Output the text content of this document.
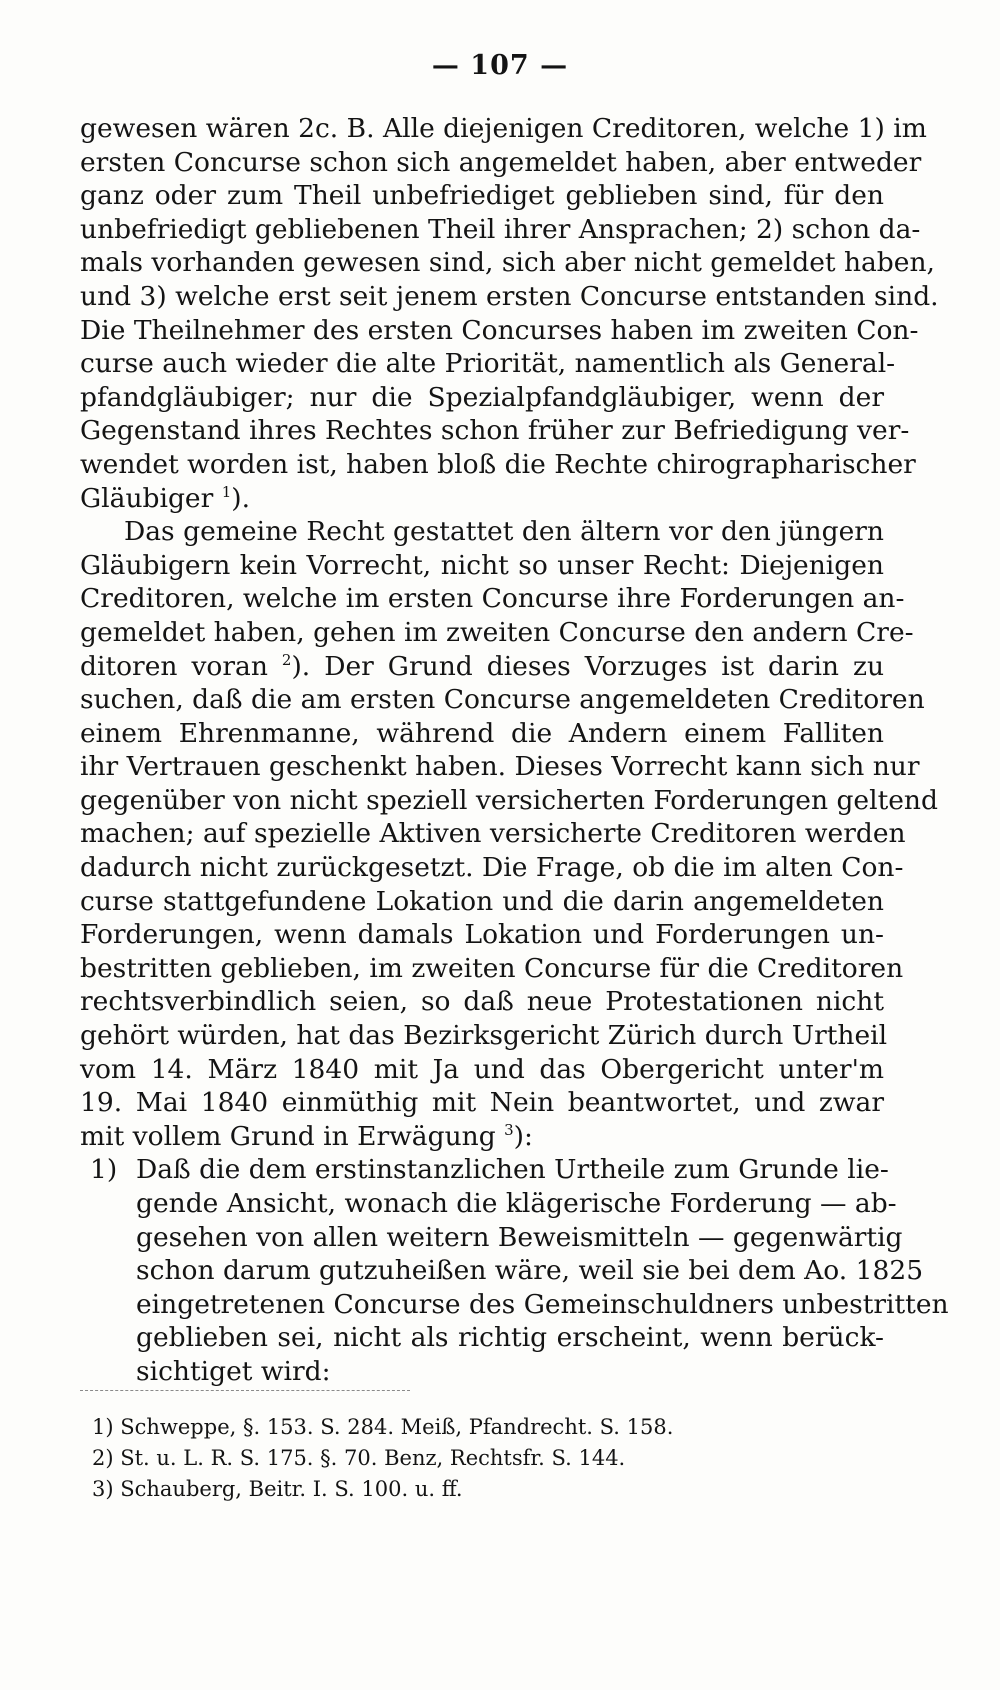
— 107 —
gewesen wären 2c. B. Alle diejenigen Creditoren, welche 1) im
ersten Concurse schon sich angemeldet haben, aber entweder
ganz oder zum Theil unbefriediget geblieben sind, für den
unbefriedigt gebliebenen Theil ihrer Ansprachen; 2) schon da-
mals vorhanden gewesen sind, sich aber nicht gemeldet haben,
und 3) welche erst seit jenem ersten Concurse entstanden sind.
Die Theilnehmer des ersten Concurses haben im zweiten Con-
curse auch wieder die alte Priorität, namentlich als General-
pfandgläubiger; nur die Spezialpfandgläubiger, wenn der
Gegenstand ihres Rechtes schon früher zur Befriedigung ver-
wendet worden ist, haben bloß die Rechte chirographarischer
Gläubiger $^1$).
Das gemeine Recht gestattet den ältern vor den jüngern
Gläubigern kein Vorrecht, nicht so unser Recht: Diejenigen
Creditoren, welche im ersten Concurse ihre Forderungen an-
gemeldet haben, gehen im zweiten Concurse den andern Cre-
ditoren voran $^2$). Der Grund dieses Vorzuges ist darin zu
suchen, daß die am ersten Concurse angemeldeten Creditoren
einem Ehrenmanne, während die Andern einem Falliten
ihr Vertrauen geschenkt haben. Dieses Vorrecht kann sich nur
gegenüber von nicht speziell versicherten Forderungen geltend
machen; auf spezielle Aktiven versicherte Creditoren werden
dadurch nicht zurückgesetzt. Die Frage, ob die im alten Con-
curse stattgefundene Lokation und die darin angemeldeten
Forderungen, wenn damals Lokation und Forderungen un-
bestritten geblieben, im zweiten Concurse für die Creditoren
rechtsverbindlich seien, so daß neue Protestationen nicht
gehört würden, hat das Bezirksgericht Zürich durch Urtheil
vom 14. März 1840 mit Ja und das Obergericht unter'm
19. Mai 1840 einmüthig mit Nein beantwortet, und zwar
mit vollem Grund in Erwägung $^3$):
1) Daß die dem erstinstanzlichen Urtheile zum Grunde lie-
gende Ansicht, wonach die klägerische Forderung — ab-
gesehen von allen weitern Beweismitteln — gegenwärtig
schon darum gutzuheißen wäre, weil sie bei dem Ao. 1825
eingetretenen Concurse des Gemeinschuldners unbestritten
geblieben sei, nicht als richtig erscheint, wenn berück-
sichtiget wird:
1) Schweppe, §. 153. S. 284. Meiß, Pfandrecht. S. 158.
2) St. u. L. R. S. 175. §. 70. Benz, Rechtsfr. S. 144.
3) Schauberg, Beitr. I. S. 100. u. ff.
